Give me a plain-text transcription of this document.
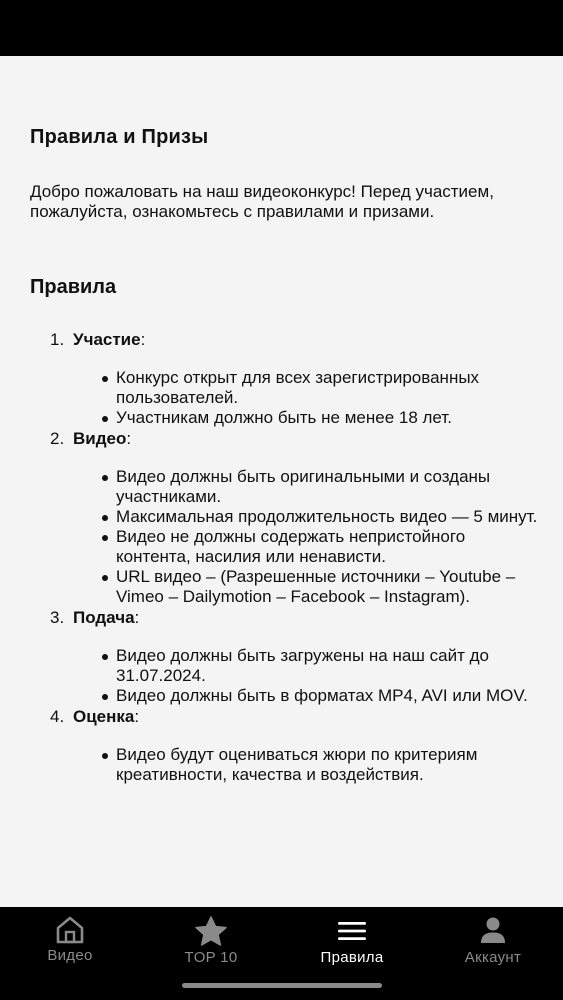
Правила и Призы

Добро пожаловать на наш видеоконкурс! Перед участием, пожалуйста, ознакомьтесь с правилами и призами.

Правила
1. Участие :
Конкурс открыт для всех зарегистрированных пользователей.
Участникам должно быть не менее 18 лет.
2. Видео :
Видео должны быть оригинальными и созданы участниками.
Максимальная продолжительность видео — 5 минут.
Видео не должны содержать непристойного контента, насилия или ненависти.
URL видео – (Разрешенные источники – Youtube – Vimeo – Dailymotion – Facebook – Instagram).
3. Подача :
Видео должны быть загружены на наш сайт до 31.07.2024.
Видео должны быть в форматах MP4, AVI или MOV.
4. Оценка :
Видео будут оцениваться жюри по критериям креативности, качества и воздействия.
Видео	TOP 10	Правила	Аккаунт
